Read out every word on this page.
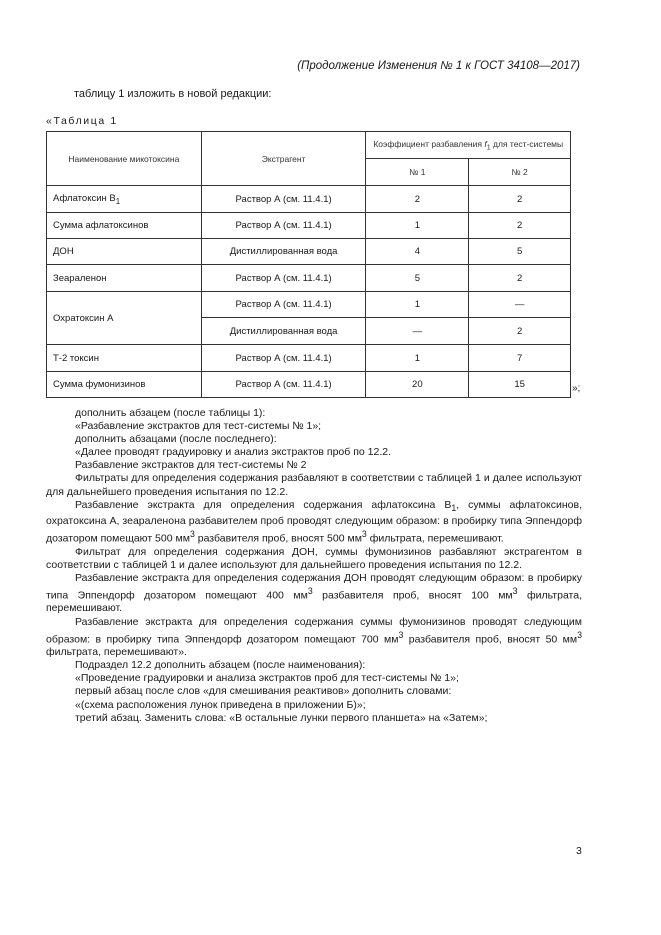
(Продолжение Изменения № 1 к ГОСТ 34108—2017)
таблицу 1 изложить в новой редакции:
«Таблица 1
Наименование микотоксина	Экстрагент	Коэффициент разбавления $f_1$ для тест-системы	
		№ 1	№ 2
Афлатоксин $B_1$	Раствор А (см. 11.4.1)	2	2
Сумма афлатоксинов	Раствор А (см. 11.4.1)	1	2
ДОН	Дистиллированная вода	4	5
Зеараленон	Раствор А (см. 11.4.1)	5	2
Охратоксин А	Раствор А (см. 11.4.1)	1	—
	Дистиллированная вода	—	2
Т-2 токсин	Раствор А (см. 11.4.1)	1	7
Сумма фумонизинов	Раствор А (см. 11.4.1)	20	15	»;

дополнить абзацем (после таблицы 1):

«Разбавление экстрактов для тест-системы № 1»;

дополнить абзацами (после последнего):

«Далее проводят градуировку и анализ экстрактов проб по 12.2.

Разбавление экстрактов для тест-системы № 2

Фильтраты для определения содержания разбавляют в соответствии с таблицей 1 и далее используют для дальнейшего проведения испытания по 12.2.

Разбавление экстракта для определения содержания афлатоксина $B_1$, суммы афлатоксинов, охратоксина А, зеараленона разбавителем проб проводят следующим образом: в пробирку типа Эппендорф дозатором помещают 500 $мм^3$ разбавителя проб, вносят 500 $мм^3$ фильтрата, перемешивают.

Фильтрат для определения содержания ДОН, суммы фумонизинов разбавляют экстрагентом в соответствии с таблицей 1 и далее используют для дальнейшего проведения испытания по 12.2.

Разбавление экстракта для определения содержания ДОН проводят следующим образом: в пробирку типа Эппендорф дозатором помещают 400 $мм^3$ разбавителя проб, вносят 100 $мм^3$ фильтрата, перемешивают.

Разбавление экстракта для определения содержания суммы фумонизинов проводят следующим образом: в пробирку типа Эппендорф дозатором помещают 700 $мм^3$ разбавителя проб, вносят 50 $мм^3$ фильтрата, перемешивают».

Подраздел 12.2 дополнить абзацем (после наименования):

«Проведение градуировки и анализа экстрактов проб для тест-системы № 1»;

первый абзац после слов «для смешивания реактивов» дополнить словами:

«(схема расположения лунок приведена в приложении Б)»;

третий абзац. Заменить слова: «В остальные лунки первого планшета» на «Затем»;

3
